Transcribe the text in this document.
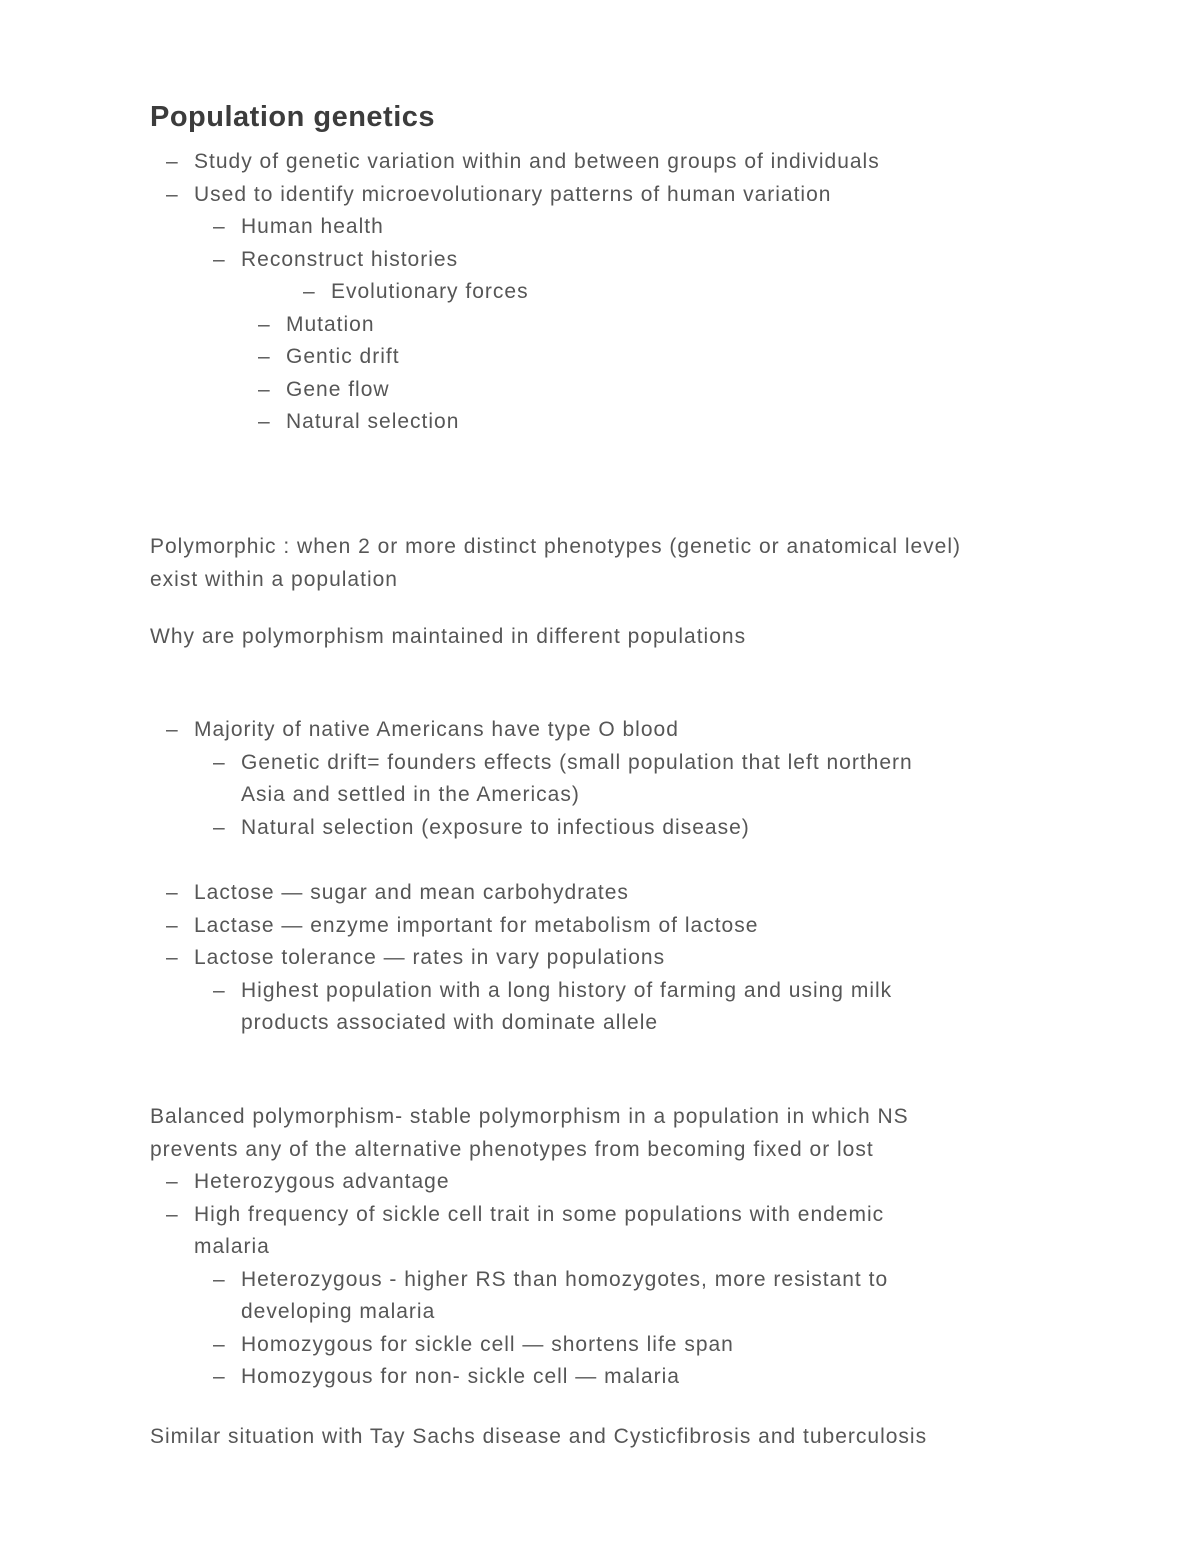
Population genetics
– Study of genetic variation within and between groups of individuals
– Used to identify microevolutionary patterns of human variation
– Human health
– Reconstruct histories
– Evolutionary forces
– Mutation
– Gentic drift
– Gene flow
– Natural selection
Polymorphic : when 2 or more distinct phenotypes (genetic or anatomical level)
exist within a population
Why are polymorphism maintained in different populations
– Majority of native Americans have type O blood
– Genetic drift= founders effects (small population that left northern
Asia and settled in the Americas)
– Natural selection (exposure to infectious disease)
– Lactose — sugar and mean carbohydrates
– Lactase — enzyme important for metabolism of lactose
– Lactose tolerance — rates in vary populations
– Highest population with a long history of farming and using milk
products associated with dominate allele
Balanced polymorphism- stable polymorphism in a population in which NS
prevents any of the alternative phenotypes from becoming fixed or lost
– Heterozygous advantage
– High frequency of sickle cell trait in some populations with endemic
malaria
– Heterozygous - higher RS than homozygotes, more resistant to
developing malaria
– Homozygous for sickle cell — shortens life span
– Homozygous for non- sickle cell — malaria
Similar situation with Tay Sachs disease and Cysticfibrosis and tuberculosis
